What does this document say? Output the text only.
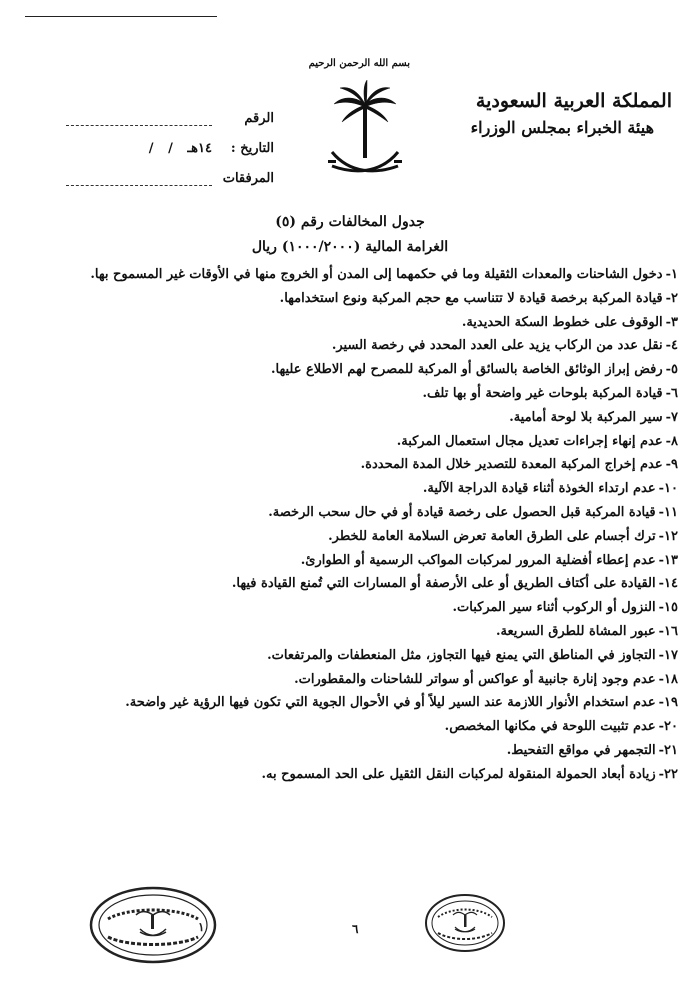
الرقم
التاريخ :
/ / ١٤هـ
المرفقات
بسم الله الرحمن الرحيم
المملكة العربية السعودية
هيئة الخبراء بمجلس الوزراء
جدول المخالفات رقم (٥)
الغرامة المالية (١٠٠٠/٢٠٠٠) ريال
١-
دخول الشاحنات والمعدات الثقيلة وما في حكمهما إلى المدن أو الخروج منها في الأوقات غير المسموح بها.
٢-
قيادة المركبة برخصة قيادة لا تتناسب مع حجم المركبة ونوع استخدامها.
٣-
الوقوف على خطوط السكة الحديدية.
٤-
نقل عدد من الركاب يزيد على العدد المحدد في رخصة السير.
٥-
رفض إبراز الوثائق الخاصة بالسائق أو المركبة للمصرح لهم الاطلاع عليها.
٦-
قيادة المركبة بلوحات غير واضحة أو بها تلف.
٧-
سير المركبة بلا لوحة أمامية.
٨-
عدم إنهاء إجراءات تعديل مجال استعمال المركبة.
٩-
عدم إخراج المركبة المعدة للتصدير خلال المدة المحددة.
١٠-
عدم ارتداء الخوذة أثناء قيادة الدراجة الآلية.
١١-
قيادة المركبة قبل الحصول على رخصة قيادة أو في حال سحب الرخصة.
١٢-
ترك أجسام على الطرق العامة تعرض السلامة العامة للخطر.
١٣-
عدم إعطاء أفضلية المرور لمركبات المواكب الرسمية أو الطوارئ.
١٤-
القيادة على أكتاف الطريق أو على الأرصفة أو المسارات التي تُمنع القيادة فيها.
١٥-
النزول أو الركوب أثناء سير المركبات.
١٦-
عبور المشاة للطرق السريعة.
١٧-
التجاوز في المناطق التي يمنع فيها التجاوز، مثل المنعطفات والمرتفعات.
١٨-
عدم وجود إنارة جانبية أو عواكس أو سواتر للشاحنات والمقطورات.
١٩-
عدم استخدام الأنوار اللازمة عند السير ليلاً أو في الأحوال الجوية التي تكون فيها الرؤية غير واضحة.
٢٠-
عدم تثبيت اللوحة في مكانها المخصص.
٢١-
التجمهر في مواقع التفحيط.
٢٢-
زيادة أبعاد الحمولة المنقولة لمركبات النقل الثقيل على الحد المسموح به.
٦
١
